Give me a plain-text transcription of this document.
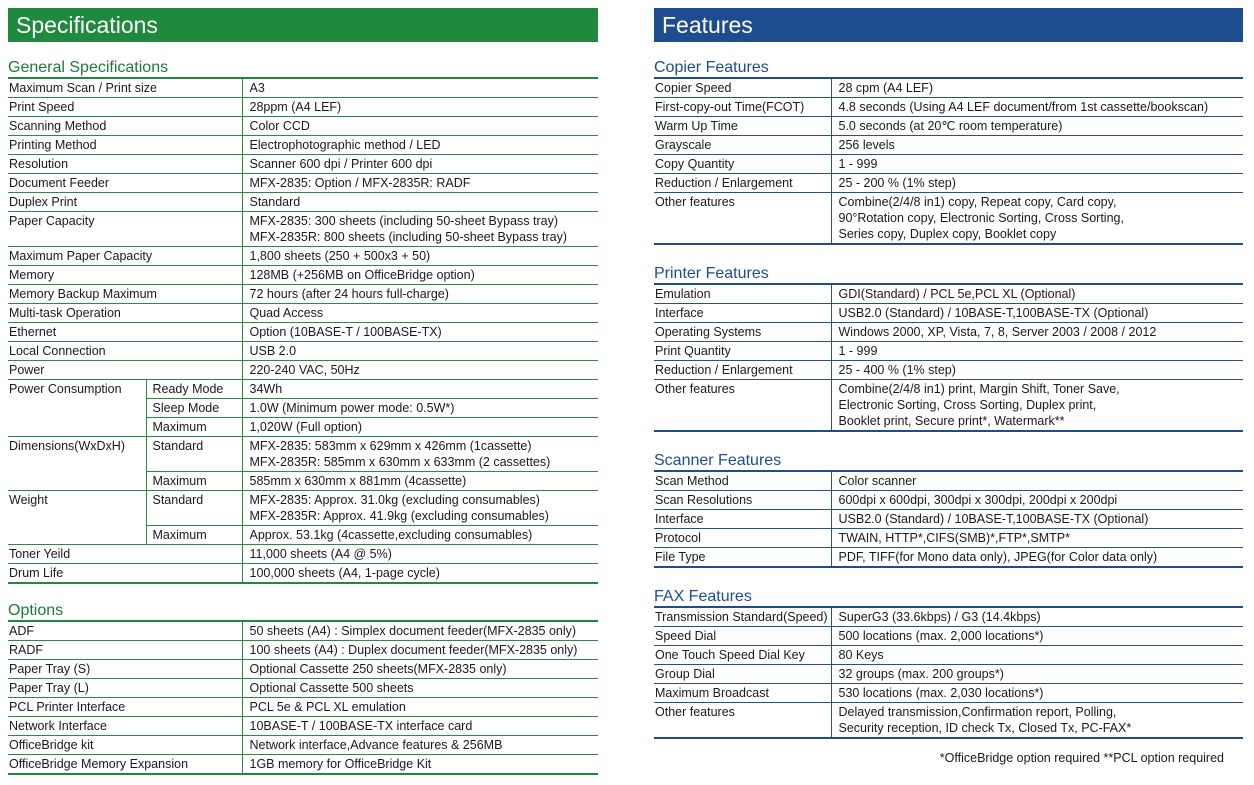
Specifications
General Specifications
Maximum Scan / Print size		A3

Print Speed		28ppm (A4 LEF)

Scanning Method		Color CCD

Printing Method		Electrophotographic method / LED

Resolution		Scanner 600 dpi / Printer 600 dpi

Document Feeder		MFX-2835: Option / MFX-2835R: RADF

Duplex Print		Standard

Paper Capacity		MFX-2835: 300 sheets (including 50-sheet Bypass tray)
MFX-2835R: 800 sheets (including 50-sheet Bypass tray)

Maximum Paper Capacity		1,800 sheets (250 + 500x3 + 50)

Memory		128MB (+256MB on OfficeBridge option)

Memory Backup Maximum		72 hours (after 24 hours full-charge)

Multi-task Operation		Quad Access

Ethernet		Option (10BASE-T / 100BASE-TX)

Local Connection		USB 2.0

Power		220-240 VAC, 50Hz

Power Consumption	Ready Mode	34Wh

	Sleep Mode	1.0W (Minimum power mode: 0.5W*)

	Maximum	1,020W (Full option)

Dimensions(WxDxH)	Standard	MFX-2835: 583mm x 629mm x 426mm (1cassette)
MFX-2835R: 585mm x 630mm x 633mm (2 cassettes)

	Maximum	585mm x 630mm x 881mm (4cassette)

Weight	Standard	MFX-2835: Approx. 31.0kg (excluding consumables)
MFX-2835R: Approx. 41.9kg (excluding consumables)

	Maximum	Approx. 53.1kg (4cassette,excluding consumables)

Toner Yeild		11,000 sheets (A4 @ 5%)

Drum Life		100,000 sheets (A4, 1-page cycle)
Options
ADF	50 sheets (A4) : Simplex document feeder(MFX-2835 only)

RADF	100 sheets (A4) : Duplex document feeder(MFX-2835 only)

Paper Tray (S)	Optional Cassette 250 sheets(MFX-2835 only)

Paper Tray (L)	Optional Cassette 500 sheets

PCL Printer Interface	PCL 5e & PCL XL emulation

Network Interface	10BASE-T / 100BASE-TX interface card

OfficeBridge kit	Network interface,Advance features & 256MB

OfficeBridge Memory Expansion	1GB memory for OfficeBridge Kit
Features
Copier Features
Copier Speed	28 cpm (A4 LEF)

First-copy-out Time(FCOT)	4.8 seconds (Using A4 LEF document/from 1st cassette/bookscan)

Warm Up Time	5.0 seconds (at 20℃ room temperature)

Grayscale	256 levels

Copy Quantity	1 - 999

Reduction / Enlargement	25 - 200 % (1% step)

Other features	Combine(2/4/8 in1) copy, Repeat copy, Card copy,
90°Rotation copy, Electronic Sorting, Cross Sorting,
Series copy, Duplex copy, Booklet copy
Printer Features
Emulation	GDI(Standard) / PCL 5e,PCL XL (Optional)

Interface	USB2.0 (Standard) / 10BASE-T,100BASE-TX (Optional)

Operating Systems	Windows 2000, XP, Vista, 7, 8, Server 2003 / 2008 / 2012

Print Quantity	1 - 999

Reduction / Enlargement	25 - 400 % (1% step)

Other features	Combine(2/4/8 in1) print, Margin Shift, Toner Save,
Electronic Sorting, Cross Sorting, Duplex print,
Booklet print, Secure print*, Watermark**
Scanner Features
Scan Method	Color scanner

Scan Resolutions	600dpi x 600dpi, 300dpi x 300dpi, 200dpi x 200dpi

Interface	USB2.0 (Standard) / 10BASE-T,100BASE-TX (Optional)

Protocol	TWAIN, HTTP*,CIFS(SMB)*,FTP*,SMTP*

File Type	PDF, TIFF(for Mono data only), JPEG(for Color data only)
FAX Features
Transmission Standard(Speed)	SuperG3 (33.6kbps) / G3 (14.4kbps)

Speed Dial	500 locations (max. 2,000 locations*)

One Touch Speed Dial Key	80 Keys

Group Dial	32 groups (max. 200 groups*)

Maximum Broadcast	530 locations (max. 2,030 locations*)

Other features	Delayed transmission,Confirmation report, Polling,
Security reception, ID check Tx, Closed Tx, PC-FAX*
*OfficeBridge option required **PCL option required
